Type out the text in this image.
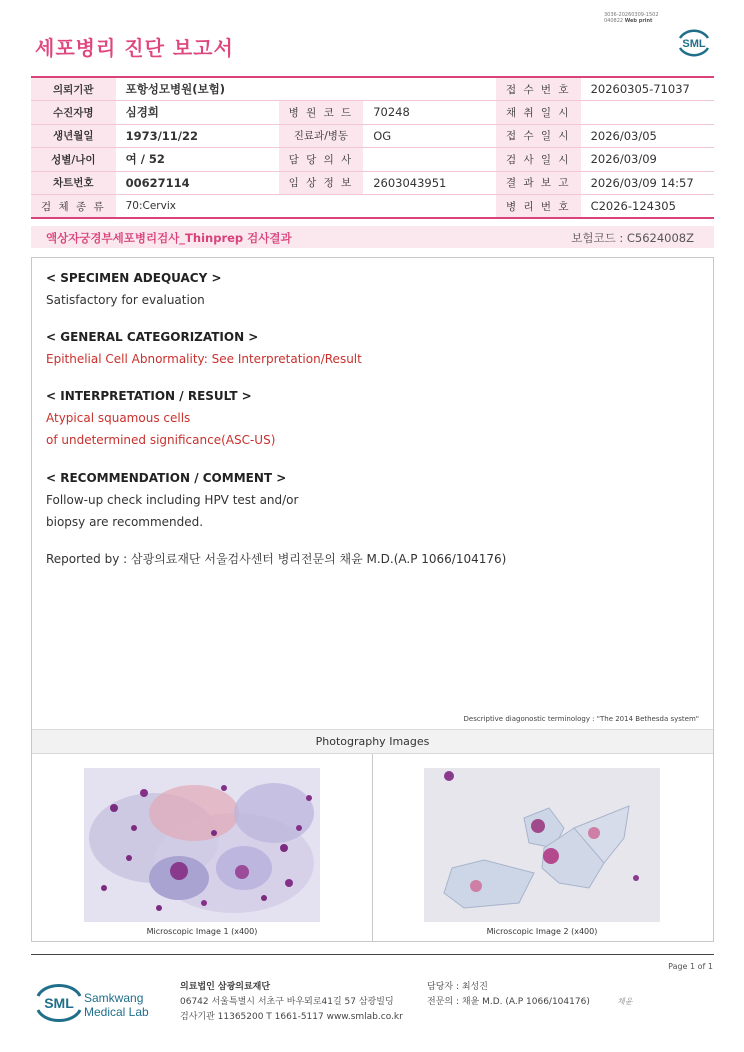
3036-20260309-1502
040822 Web print
세포병리 진단 보고서	SML
의뢰기관	포항성모병원(보험)			접 수 번 호	20260305-71037
수진자명	심경희	병 원 코 드	70248	채 취 일 시	
생년월일	1973/11/22	진료과/병동	OG	접 수 일 시	2026/03/05
성별/나이	여 / 52	담 당 의 사		검 사 일 시	2026/03/09
차트번호	00627114	임 상 정 보	2603043951	결 과 보 고	2026/03/09 14:57
검 체 종 류	70:Cervix			병 리 번 호	C2026-124305
액상자궁경부세포병리검사_Thinprep 검사결과	보험코드 : C5624008Z
< SPECIMEN ADEQUACY >
Satisfactory for evaluation
< GENERAL CATEGORIZATION >
Epithelial Cell Abnormality: See Interpretation/Result
< INTERPRETATION / RESULT >
Atypical squamous cells
of undetermined significance(ASC-US)
< RECOMMENDATION / COMMENT >
Follow-up check including HPV test and/or
biopsy are recommended.
Reported by : 삼광의료재단 서울검사센터 병리전문의 채윤 M.D.(A.P 1066/104176)
Descriptive diagonostic terminology : "The 2014 Bethesda system"
Photography Images
Microscopic Image 1 (x400)	Microscopic Image 2 (x400)
Page 1 of 1
SML Samkwang
Medical Lab
의료법인 삼광의료재단
06742 서울특별시 서초구 바우뫼로41길 57 삼광빌딩
검사기관 11365200 T 1661-5117 www.smlab.co.kr
담당자 : 최성진
전문의 : 채윤 M.D. (A.P 1066/104176)	채윤
